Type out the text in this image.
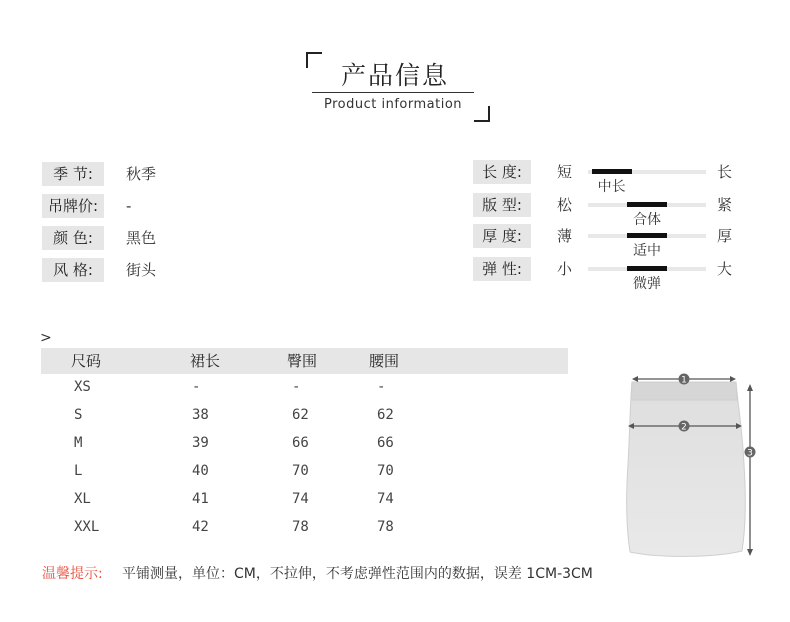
产品信息
Product information
季 节:	秋季
吊牌价:	-
颜 色:	黑色
风 格:	街头
长 度:	短
中长
长
版 型:	松
合体
紧
厚 度:	薄
适中
厚
弹 性:	小
微弹
大
>
尺码	裙长	臀围	腰围
XS	-	-	-
S	38	62	62
M	39	66	66
L	40	70	70
XL	41	74	74
XXL	42	78	78
温馨提示: 平铺测量，单位：CM，不拉伸，不考虑弹性范围内的数据，误差 1CM-3CM
1
2
3
